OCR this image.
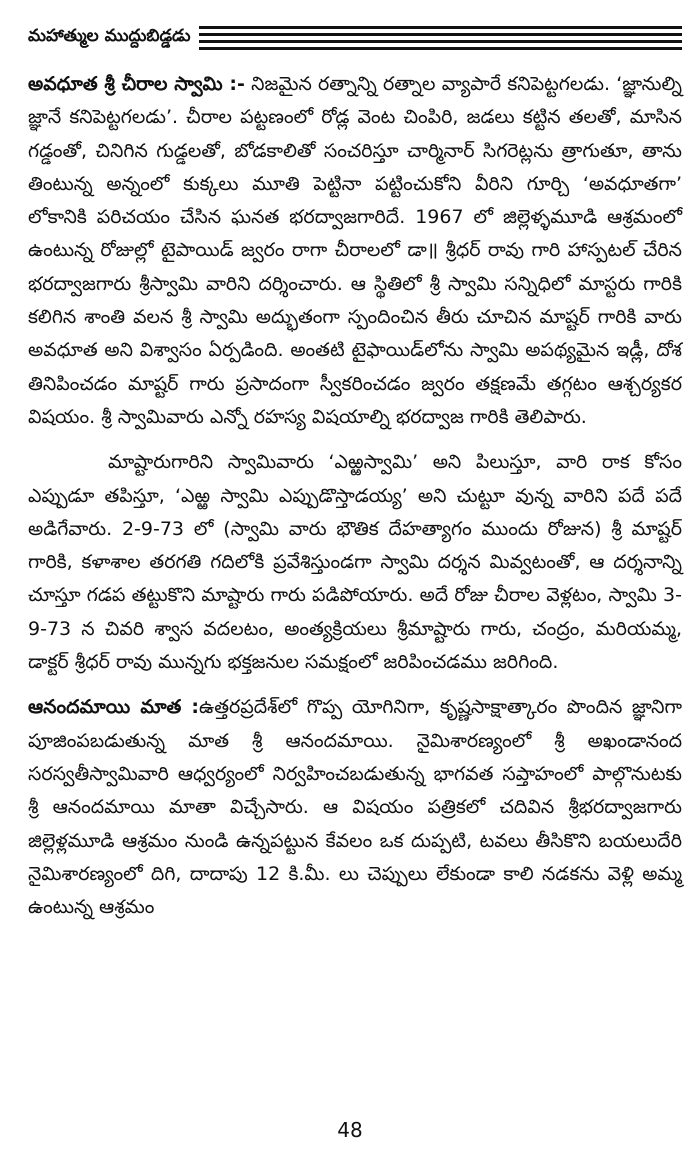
మహాత్ముల ముద్దుబిడ్డడు

అవధూత శ్రీ చీరాల స్వామి :- నిజమైన రత్నాన్ని రత్నాల వ్యాపారే కనిపెట్టగలడు. ‘జ్ఞానుల్ని జ్ఞానే కనిపెట్టగలడు’. చీరాల పట్టణంలో రోడ్ల వెంట చింపిరి, జడలు కట్టిన తలతో, మాసిన గడ్డంతో, చినిగిన గుడ్డలతో, బోడకాలితో సంచరిస్తూ చార్మినార్ సిగరెట్లను త్రాగుతూ, తాను తింటున్న అన్నంలో కుక్కలు మూతి పెట్టినా పట్టించుకోని వీరిని గూర్చి ‘అవధూతగా’ లోకానికి పరిచయం చేసిన ఘనత భరద్వాజగారిదే. 1967 లో జిల్లెళ్ళమూడి ఆశ్రమంలో ఉంటున్న రోజుల్లో టైపాయిడ్ జ్వరం రాగా చీరాలలో డా॥ శ్రీధర్ రావు గారి హాస్పటల్ చేరిన భరద్వాజగారు శ్రీస్వామి వారిని దర్శించారు. ఆ స్థితిలో శ్రీ స్వామి సన్నిధిలో మాస్టరు గారికి కలిగిన శాంతి వలన శ్రీ స్వామి అద్భుతంగా స్పందించిన తీరు చూచిన మాష్టర్ గారికి వారు అవధూత అని విశ్వాసం ఏర్పడింది. అంతటి టైఫాయిడ్‌లోను స్వామి అపథ్యమైన ఇడ్లీ, దోశ తినిపించడం మాష్టర్ గారు ప్రసాదంగా స్వీకరించడం జ్వరం తక్షణమే తగ్గటం ఆశ్చర్యకర విషయం. శ్రీ స్వామివారు ఎన్నో రహస్య విషయాల్ని భరద్వాజ గారికి తెలిపారు.

మాష్టారుగారిని స్వామివారు ‘ఎఱ్ఱస్వామి’ అని పిలుస్తూ, వారి రాక కోసం ఎప్పుడూ తపిస్తూ, ‘ఎఱ్ఱ స్వామి ఎప్పుడొస్తాడయ్య’ అని చుట్టూ వున్న వారిని పదే పదే అడిగేవారు. 2-9-73 లో (స్వామి వారు భౌతిక దేహత్యాగం ముందు రోజున) శ్రీ మాష్టర్ గారికి, కళాశాల తరగతి గదిలోకి ప్రవేశిస్తుండగా స్వామి దర్శన మివ్వటంతో, ఆ దర్శనాన్ని చూస్తూ గడప తట్టుకొని మాష్టారు గారు పడిపోయారు. అదే రోజు చీరాల వెళ్లటం, స్వామి 3-9-73 న చివరి శ్వాస వదలటం, అంత్యక్రియలు శ్రీమాష్టారు గారు, చంద్రం, మరియమ్మ, డాక్టర్ శ్రీధర్ రావు మున్నగు భక్తజనుల సమక్షంలో జరిపించడము జరిగింది.

ఆనందమాయి మాత :ఉత్తరప్రదేశ్‌లో గొప్ప యోగినిగా, కృష్ణసాక్షాత్కారం పొందిన జ్ఞానిగా పూజింపబడుతున్న మాత శ్రీ ఆనందమాయి. నైమిశారణ్యంలో శ్రీ అఖండానంద సరస్వతీస్వామివారి ఆధ్వర్యంలో నిర్వహించబడుతున్న భాగవత సప్తాహంలో పాల్గొనుటకు శ్రీ ఆనందమాయి మాతా విచ్చేసారు. ఆ విషయం పత్రికలో చదివిన శ్రీభరద్వాజగారు జిల్లెళ్లమూడి ఆశ్రమం నుండి ఉన్నపట్టున కేవలం ఒక దుప్పటి, టవలు తీసికొని బయలుదేరి నైమిశారణ్యంలో దిగి, దాదాపు 12 కి.మీ. లు చెప్పులు లేకుండా కాలి నడకను వెళ్లి అమ్మ ఉంటున్న ఆశ్రమం

48
